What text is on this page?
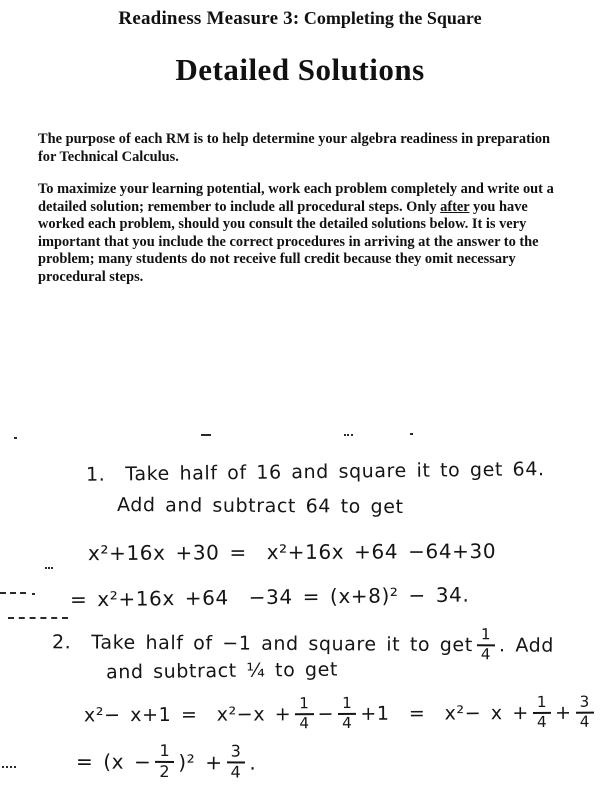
Readiness Measure 3: Completing the Square
Detailed Solutions

The purpose of each RM is to help determine your algebra readiness in preparation for Technical Calculus.

To maximize your learning potential, work each problem completely and write out a detailed solution; remember to include all procedural steps. Only after you have worked each problem, should you consult the detailed solutions below. It is very important that you include the correct procedures in arriving at the answer to the problem; many students do not receive full credit because they omit necessary procedural steps.

1. Take half of 16 and square it to get 64.
Add and subtract 64 to get
x²+16x +30 =  x²+16x +64 −64+30
= x²+16x +64  −34 = (x+8)² − 34.
2. Take half of −1 and square it to get $\frac{1}{4}$ . Add
and subtract ¼ to get
$x^2- x+1 = x^2-x + \frac{1}{4} - \frac{1}{4} +1 = x^2- x + \frac{1}{4} + \frac{3}{4}$
= $(x - \frac{1}{2} )^2 + \frac{3}{4}$ .
